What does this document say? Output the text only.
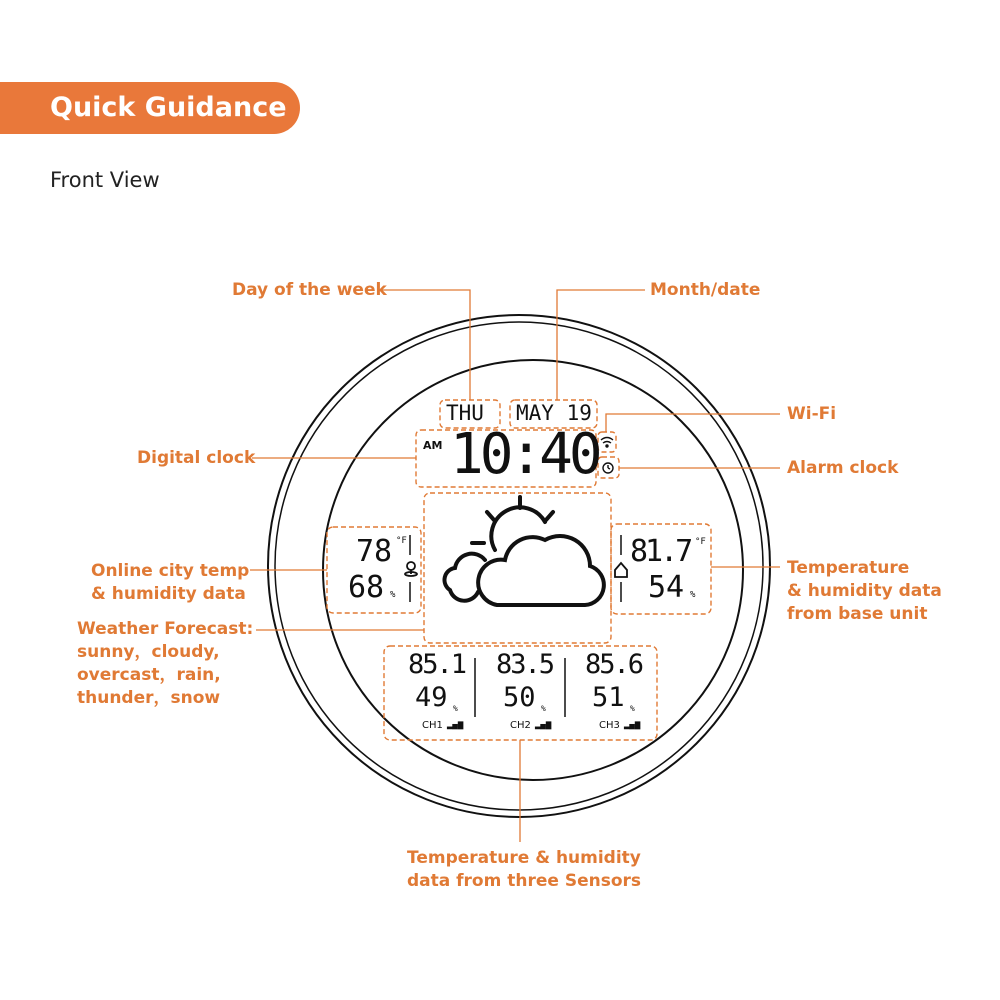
Quick Guidance
Front View
Day of the week	Month/date
Wi-Fi
Digital clock	Alarm clock
Online city temp
& humidity data
Temperature
& humidity data
from base unit
Weather Forecast:
sunny，cloudy,
overcast，rain,
thunder，snow
Temperature & humidity
data from three Sensors
THU MAY 19
AM 10:40
78 °F
68 %
81.7 °F
54 %
85.1
49 %
CH1 ▂▄▆
83.5
50 %
CH2 ▂▄▆
85.6
51 %
CH3 ▂▄▆
